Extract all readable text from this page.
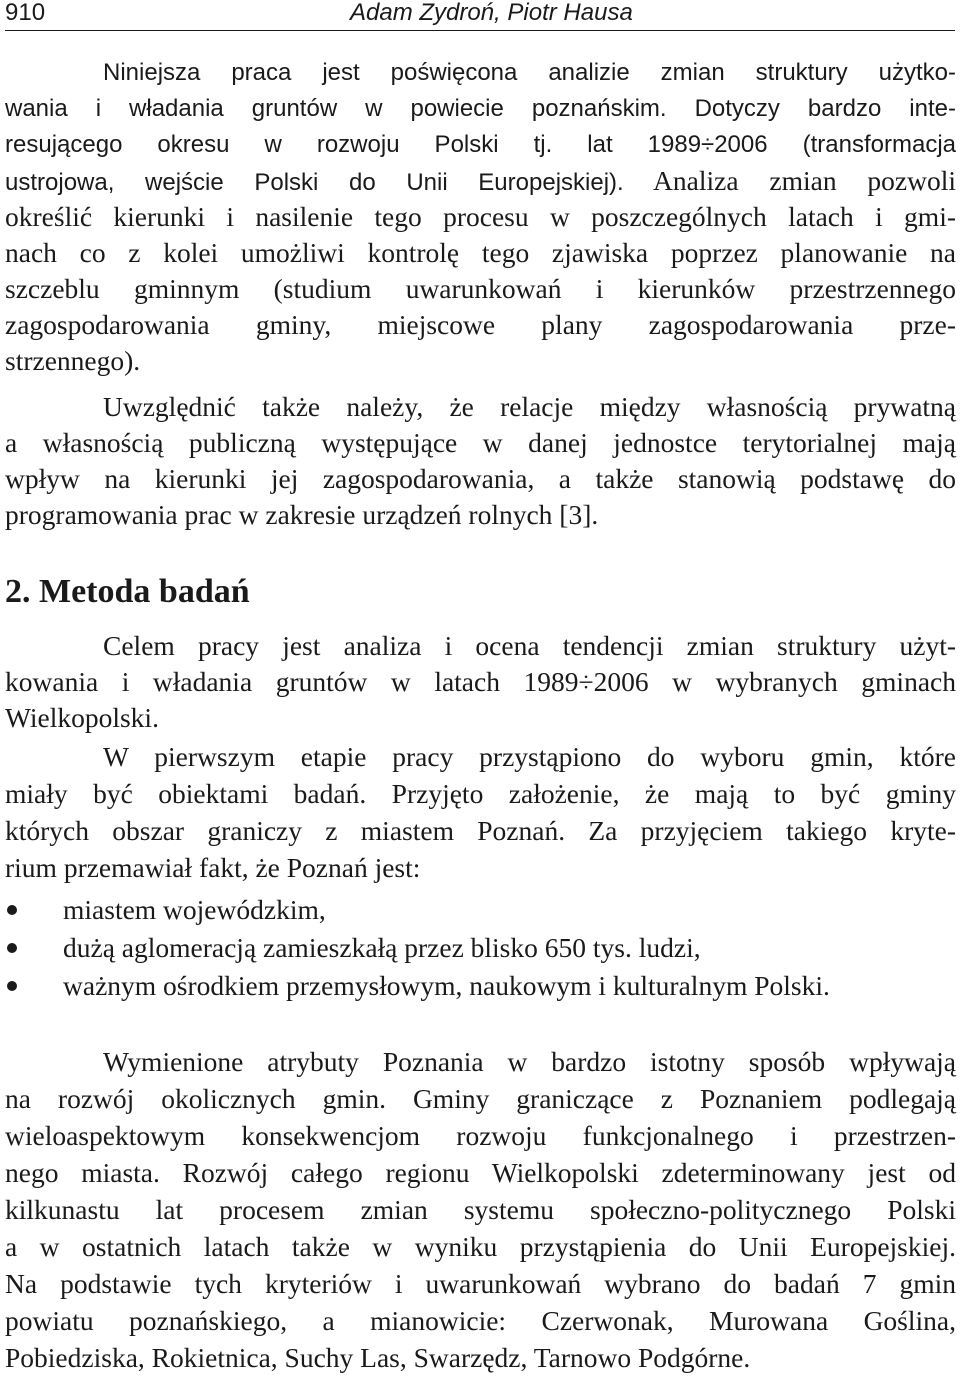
910	Adam Zydroń, Piotr Hausa
Niniejsza praca jest poświęcona analizie zmian struktury użytko-
wania i władania gruntów w powiecie poznańskim. Dotyczy bardzo inte-
resującego okresu w rozwoju Polski tj. lat 1989÷2006 (transformacja
ustrojowa, wejście Polski do Unii Europejskiej). Analiza zmian pozwoli
określić kierunki i nasilenie tego procesu w poszczególnych latach i gmi-
nach co z kolei umożliwi kontrolę tego zjawiska poprzez planowanie na
szczeblu gminnym (studium uwarunkowań i kierunków przestrzennego
zagospodarowania gminy, miejscowe plany zagospodarowania prze-
strzennego).
Uwzględnić także należy, że relacje między własnością prywatną
a własnością publiczną występujące w danej jednostce terytorialnej mają
wpływ na kierunki jej zagospodarowania, a także stanowią podstawę do
programowania prac w zakresie urządzeń rolnych [3].
2. Metoda badań
Celem pracy jest analiza i ocena tendencji zmian struktury użyt-
kowania i władania gruntów w latach 1989÷2006 w wybranych gminach
Wielkopolski.
W pierwszym etapie pracy przystąpiono do wyboru gmin, które
miały być obiektami badań. Przyjęto założenie, że mają to być gminy
których obszar graniczy z miastem Poznań. Za przyjęciem takiego kryte-
rium przemawiał fakt, że Poznań jest:
miastem wojewódzkim,
dużą aglomeracją zamieszkałą przez blisko 650 tys. ludzi,
ważnym ośrodkiem przemysłowym, naukowym i kulturalnym Polski.
Wymienione atrybuty Poznania w bardzo istotny sposób wpływają
na rozwój okolicznych gmin. Gminy graniczące z Poznaniem podlegają
wieloaspektowym konsekwencjom rozwoju funkcjonalnego i przestrzen-
nego miasta. Rozwój całego regionu Wielkopolski zdeterminowany jest od
kilkunastu lat procesem zmian systemu społeczno-politycznego Polski
a w ostatnich latach także w wyniku przystąpienia do Unii Europejskiej.
Na podstawie tych kryteriów i uwarunkowań wybrano do badań 7 gmin
powiatu poznańskiego, a mianowicie: Czerwonak, Murowana Goślina,
Pobiedziska, Rokietnica, Suchy Las, Swarzędz, Tarnowo Podgórne.
